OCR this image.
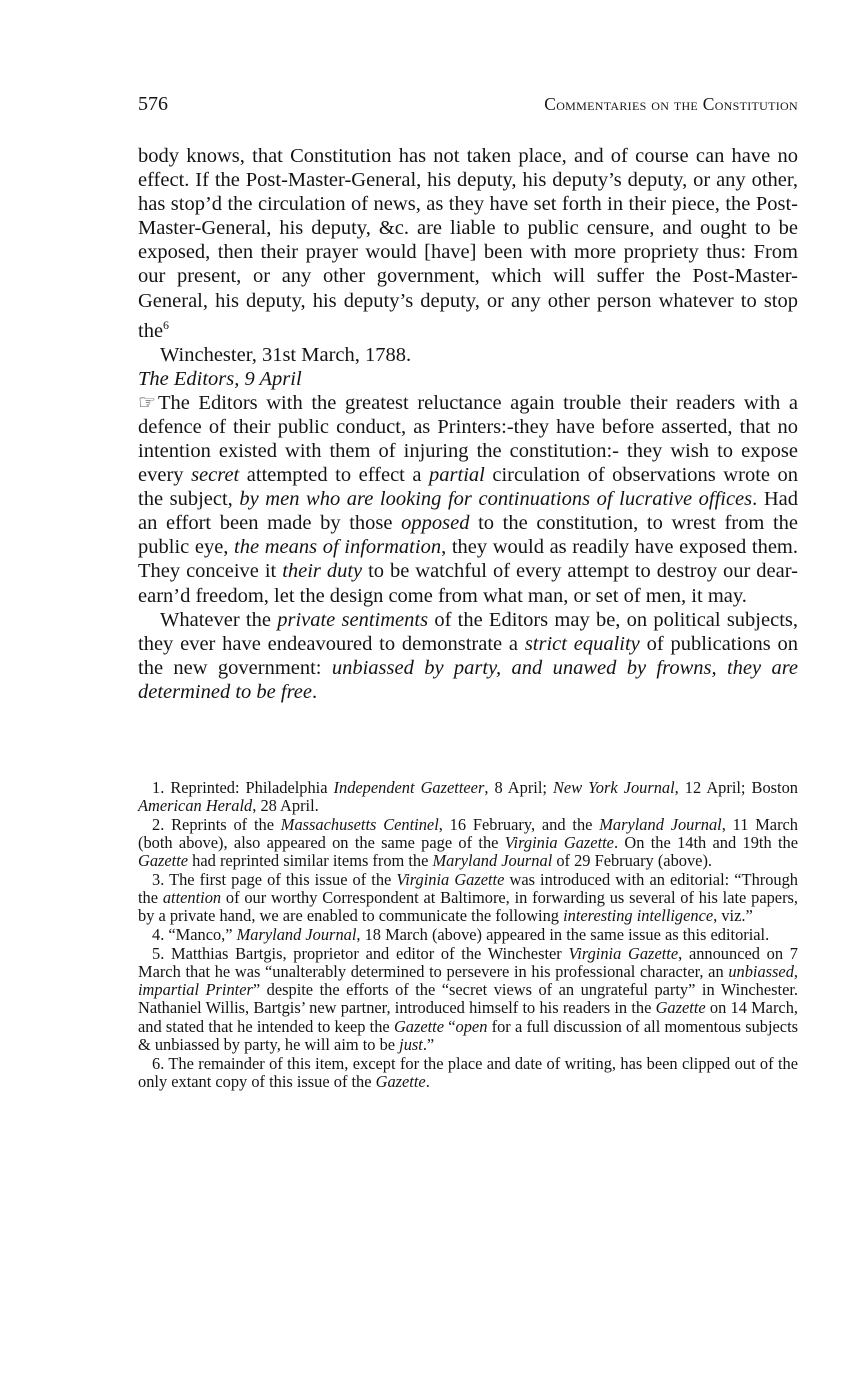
576	Commentaries on the Constitution

body knows, that Constitution has not taken place, and of course can have no effect. If the Post-Master-General, his deputy, his deputy’s deputy, or any other, has stop’d the circulation of news, as they have set forth in their piece, the Post-Master-General, his deputy, &c. are liable to public censure, and ought to be exposed, then their prayer would [have] been with more propriety thus: From our present, or any other government, which will suffer the Post-Master-General, his deputy, his deputy’s deputy, or any other person whatever to stop the$^6$

Winchester, 31st March, 1788.

The Editors, 9 April

☞The Editors with the greatest reluctance again trouble their readers with a defence of their public conduct, as Printers:-they have before asserted, that no intention existed with them of injuring the constitution:- they wish to expose every secret attempted to effect a partial circulation of observations wrote on the subject, by men who are looking for continuations of lucrative offices. Had an effort been made by those opposed to the constitution, to wrest from the public eye, the means of information, they would as readily have exposed them. They conceive it their duty to be watchful of every attempt to destroy our dear-earn’d freedom, let the design come from what man, or set of men, it may.

Whatever the private sentiments of the Editors may be, on political subjects, they ever have endeavoured to demonstrate a strict equality of publications on the new government: unbiassed by party, and unawed by frowns, they are determined to be free.

1. Reprinted: Philadelphia Independent Gazetteer, 8 April; New York Journal, 12 April; Boston American Herald, 28 April.

2. Reprints of the Massachusetts Centinel, 16 February, and the Maryland Journal, 11 March (both above), also appeared on the same page of the Virginia Gazette. On the 14th and 19th the Gazette had reprinted similar items from the Maryland Journal of 29 February (above).

3. The first page of this issue of the Virginia Gazette was introduced with an editorial: “Through the attention of our worthy Correspondent at Baltimore, in forwarding us several of his late papers, by a private hand, we are enabled to communicate the following interesting intelligence, viz.”

4. “Manco,” Maryland Journal, 18 March (above) appeared in the same issue as this editorial.

5. Matthias Bartgis, proprietor and editor of the Winchester Virginia Gazette, announced on 7 March that he was “unalterably determined to persevere in his professional character, an unbiassed, impartial Printer” despite the efforts of the “secret views of an ungrateful party” in Winchester. Nathaniel Willis, Bartgis’ new partner, introduced himself to his readers in the Gazette on 14 March, and stated that he intended to keep the Gazette “open for a full discussion of all momentous subjects & unbiassed by party, he will aim to be just.”

6. The remainder of this item, except for the place and date of writing, has been clipped out of the only extant copy of this issue of the Gazette.
